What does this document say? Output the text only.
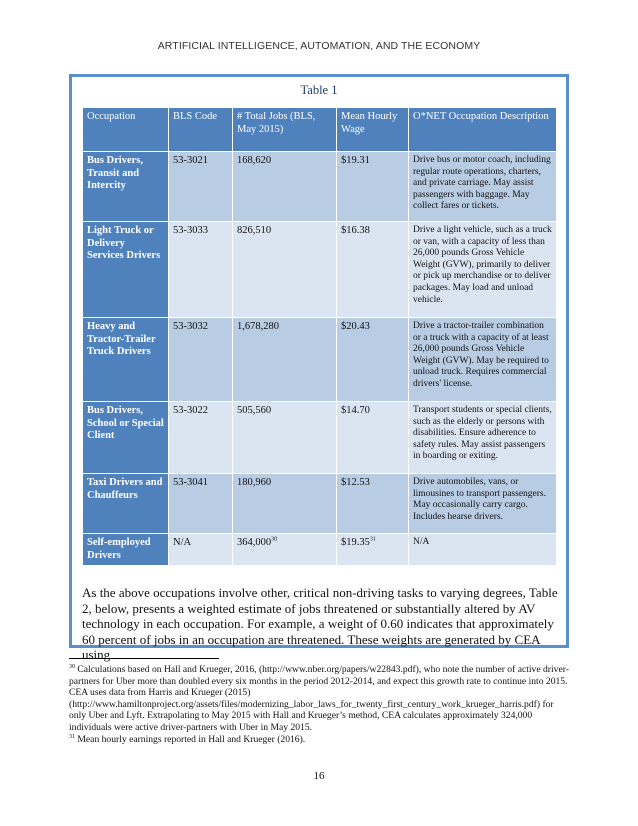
ARTIFICIAL INTELLIGENCE, AUTOMATION, AND THE ECONOMY
Table 1
Occupation	BLS Code	# Total Jobs (BLS, May 2015)	Mean Hourly Wage	O*NET Occupation Description
Bus Drivers, Transit and Intercity	53-3021	168,620	$19.31	Drive bus or motor coach, including regular route operations, charters, and private carriage. May assist passengers with baggage. May collect fares or tickets.
Light Truck or Delivery Services Drivers	53-3033	826,510	$16.38	Drive a light vehicle, such as a truck or van, with a capacity of less than 26,000 pounds Gross Vehicle Weight (GVW), primarily to deliver or pick up merchandise or to deliver packages. May load and unload vehicle.
Heavy and Tractor-Trailer Truck Drivers	53-3032	1,678,280	$20.43	Drive a tractor-trailer combination or a truck with a capacity of at least 26,000 pounds Gross Vehicle Weight (GVW). May be required to unload truck. Requires commercial drivers' license.
Bus Drivers, School or Special Client	53-3022	505,560	$14.70	Transport students or special clients, such as the elderly or persons with disabilities. Ensure adherence to safety rules. May assist passengers in boarding or exiting.
Taxi Drivers and Chauffeurs	53-3041	180,960	$12.53	Drive automobiles, vans, or limousines to transport passengers. May occasionally carry cargo. Includes hearse drivers.
Self-employed Drivers	N/A	364,000$^{30}$	$19.35$^{31}$	N/A
As the above occupations involve other, critical non-driving tasks to varying degrees, Table 2, below, presents a weighted estimate of jobs threatened or substantially altered by AV technology in each occupation. For example, a weight of 0.60 indicates that approximately 60 percent of jobs in an occupation are threatened. These weights are generated by CEA using

$^{30}$ Calculations based on Hall and Krueger, 2016, (http://www.nber.org/papers/w22843.pdf), who note the number of active driver-partners for Uber more than doubled every six months in the period 2012-2014, and expect this growth rate to continue into 2015. CEA uses data from Harris and Krueger (2015) (http://www.hamiltonproject.org/assets/files/modernizing_labor_laws_for_twenty_first_century_work_krueger_harris.pdf) for only Uber and Lyft. Extrapolating to May 2015 with Hall and Krueger’s method, CEA calculates approximately 324,000 individuals were active driver-partners with Uber in May 2015.

$^{31}$ Mean hourly earnings reported in Hall and Krueger (2016).

16
